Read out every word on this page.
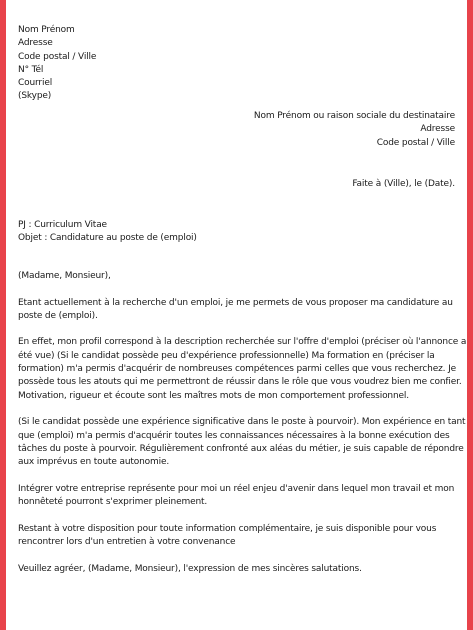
Nom Prénom
Adresse
Code postal / Ville
N° Tél
Courriel
(Skype)
Nom Prénom ou raison sociale du destinataire
Adresse
Code postal / Ville
Faite à (Ville), le (Date).
PJ : Curriculum Vitae
Objet : Candidature au poste de (emploi)
(Madame, Monsieur),
Etant actuellement à la recherche d'un emploi, je me permets de vous proposer ma candidature au
poste de (emploi).
En effet, mon profil correspond à la description recherchée sur l'offre d'emploi (préciser où l'annonce a
été vue) (Si le candidat possède peu d'expérience professionnelle) Ma formation en (préciser la
formation) m'a permis d'acquérir de nombreuses compétences parmi celles que vous recherchez. Je
possède tous les atouts qui me permettront de réussir dans le rôle que vous voudrez bien me confier.
Motivation, rigueur et écoute sont les maîtres mots de mon comportement professionnel.
(Si le candidat possède une expérience significative dans le poste à pourvoir). Mon expérience en tant
que (emploi) m'a permis d'acquérir toutes les connaissances nécessaires à la bonne exécution des
tâches du poste à pourvoir. Régulièrement confronté aux aléas du métier, je suis capable de répondre
aux imprévus en toute autonomie.
Intégrer votre entreprise représente pour moi un réel enjeu d'avenir dans lequel mon travail et mon
honnêteté pourront s'exprimer pleinement.
Restant à votre disposition pour toute information complémentaire, je suis disponible pour vous
rencontrer lors d'un entretien à votre convenance
Veuillez agréer, (Madame, Monsieur), l'expression de mes sincères salutations.
